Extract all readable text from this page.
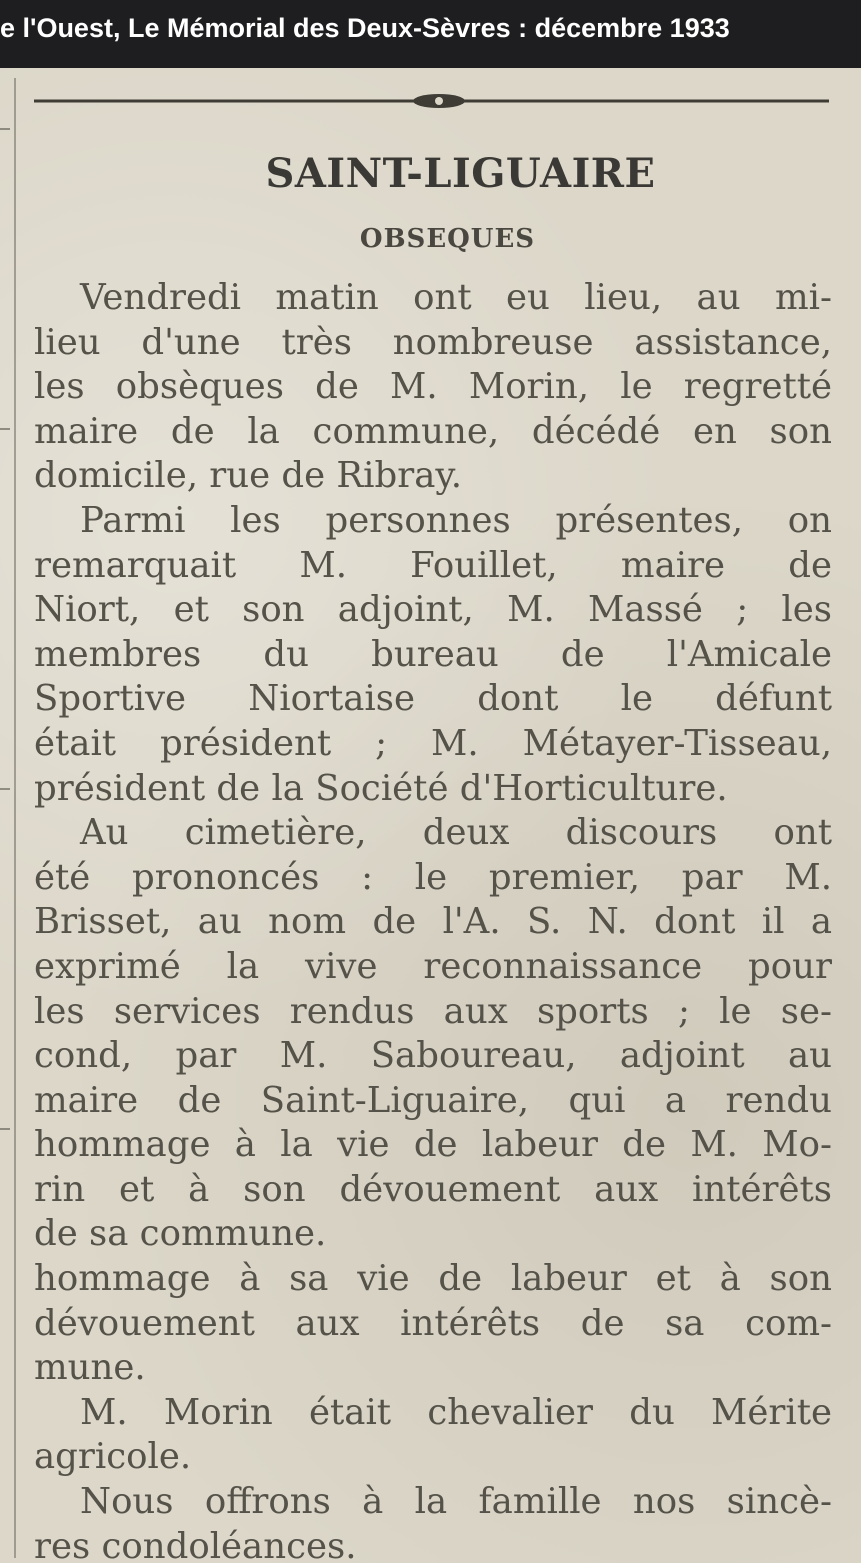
e l'Ouest, Le Mémorial des Deux-Sèvres : décembre 1933
SAINT-LIGUAIRE
OBSEQUES
Vendredi matin ont eu lieu, au mi-
lieu d'une très nombreuse assistance,
les obsèques de M. Morin, le regretté
maire de la commune, décédé en son
domicile, rue de Ribray.
Parmi les personnes présentes, on
remarquait M. Fouillet, maire de
Niort, et son adjoint, M. Massé ; les
membres du bureau de l'Amicale
Sportive Niortaise dont le défunt
était président ; M. Métayer-Tisseau,
président de la Société d'Horticulture.
Au cimetière, deux discours ont
été prononcés : le premier, par M.
Brisset, au nom de l'A. S. N. dont il a
exprimé la vive reconnaissance pour
les services rendus aux sports ; le se-
cond, par M. Saboureau, adjoint au
maire de Saint-Liguaire, qui a rendu
hommage à la vie de labeur de M. Mo-
rin et à son dévouement aux intérêts
de sa commune.
hommage à sa vie de labeur et à son
dévouement aux intérêts de sa com-
mune.
M. Morin était chevalier du Mérite
agricole.
Nous offrons à la famille nos sincè-
res condoléances.
